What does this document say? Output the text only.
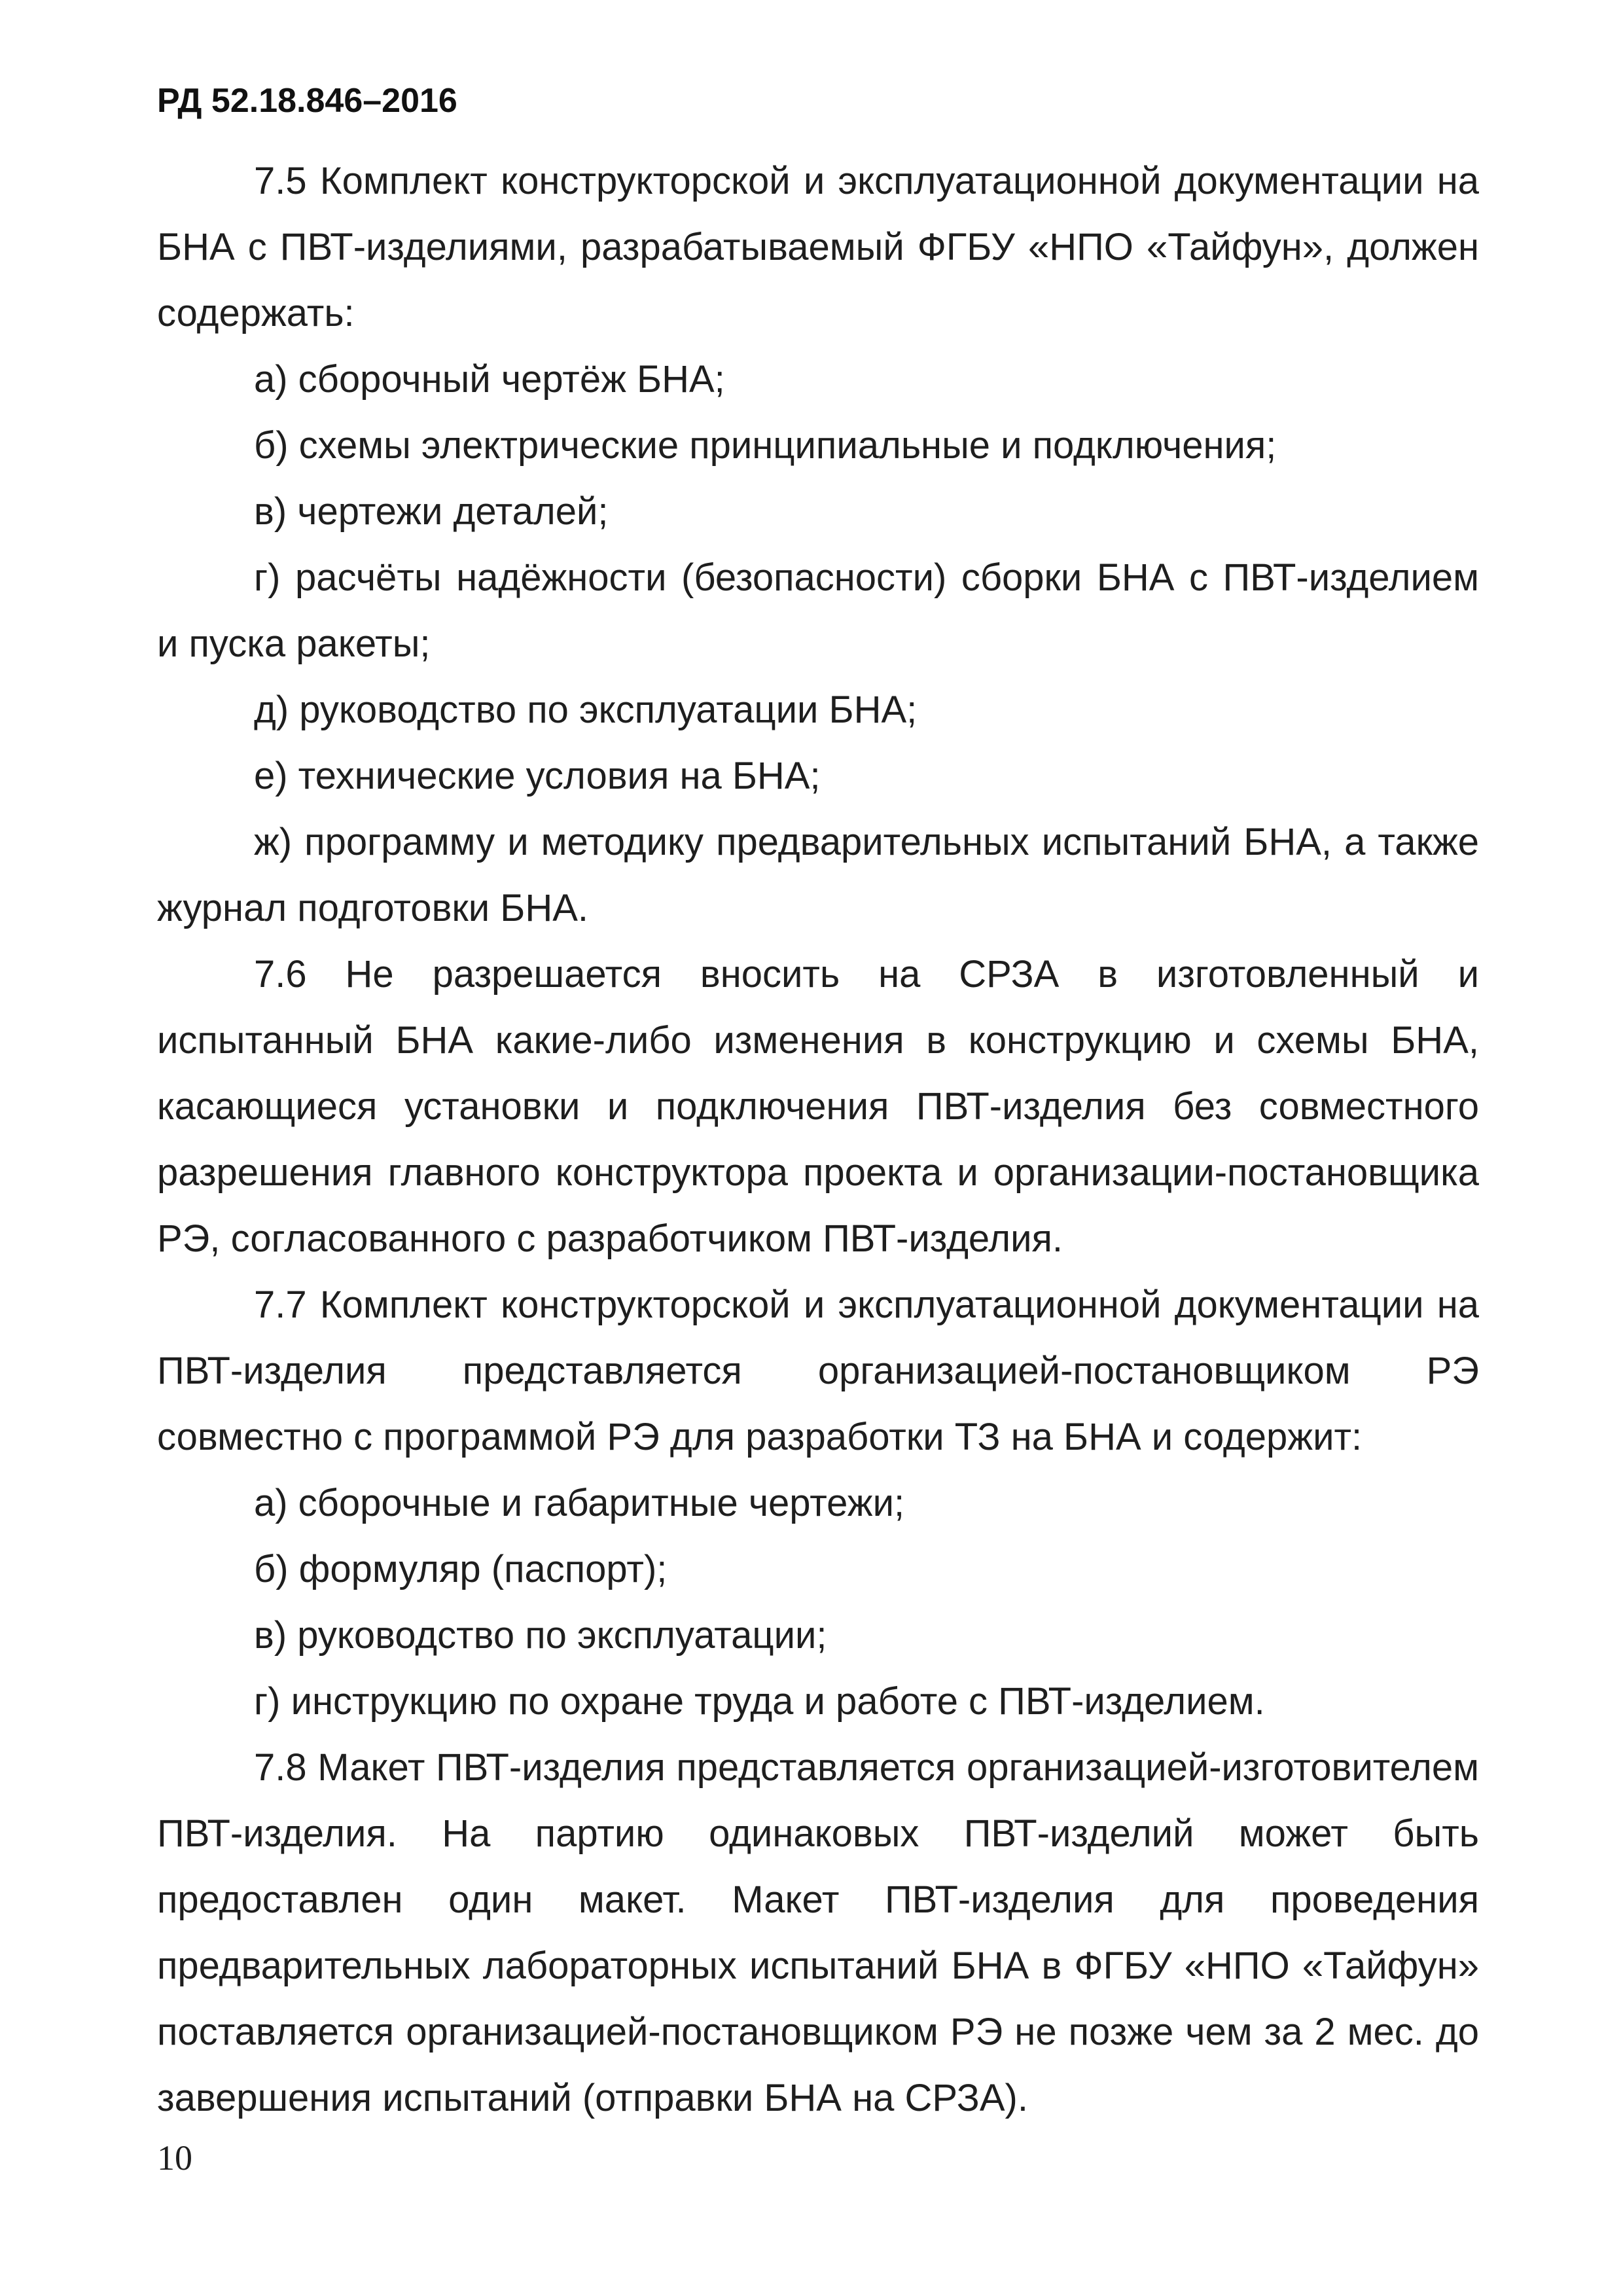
РД 52.18.846–2016

7.5 Комплект конструкторской и эксплуатационной документации на БНА с ПВТ-изделиями, разрабатываемый ФГБУ «НПО «Тайфун», должен содержать:

а) сборочный чертёж БНА;

б) схемы электрические принципиальные и подключения;

в) чертежи деталей;

г) расчёты надёжности (безопасности) сборки БНА с ПВТ-изделием и пуска ракеты;

д) руководство по эксплуатации БНА;

е) технические условия на БНА;

ж) программу и методику предварительных испытаний БНА, а также журнал подготовки БНА.

7.6 Не разрешается вносить на СРЗА в изготовленный и испытанный БНА какие-либо изменения в конструкцию и схемы БНА, касающиеся установки и подключения ПВТ-изделия без совместного разрешения главного конструктора проекта и организации-постановщика РЭ, согласованного с разработчиком ПВТ-изделия.

7.7 Комплект конструкторской и эксплуатационной документации на ПВТ-изделия представляется организацией-постановщиком РЭ совместно с программой РЭ для разработки ТЗ на БНА и содержит:

а) сборочные и габаритные чертежи;

б) формуляр (паспорт);

в) руководство по эксплуатации;

г) инструкцию по охране труда и работе с ПВТ-изделием.

7.8 Макет ПВТ-изделия представляется организацией-изготовителем ПВТ-изделия. На партию одинаковых ПВТ-изделий может быть предоставлен один макет. Макет ПВТ-изделия для проведения предварительных лабораторных испытаний БНА в ФГБУ «НПО «Тайфун» поставляется организацией-постановщиком РЭ не позже чем за 2 мес. до завершения испытаний (отправки БНА на СРЗА).

10
